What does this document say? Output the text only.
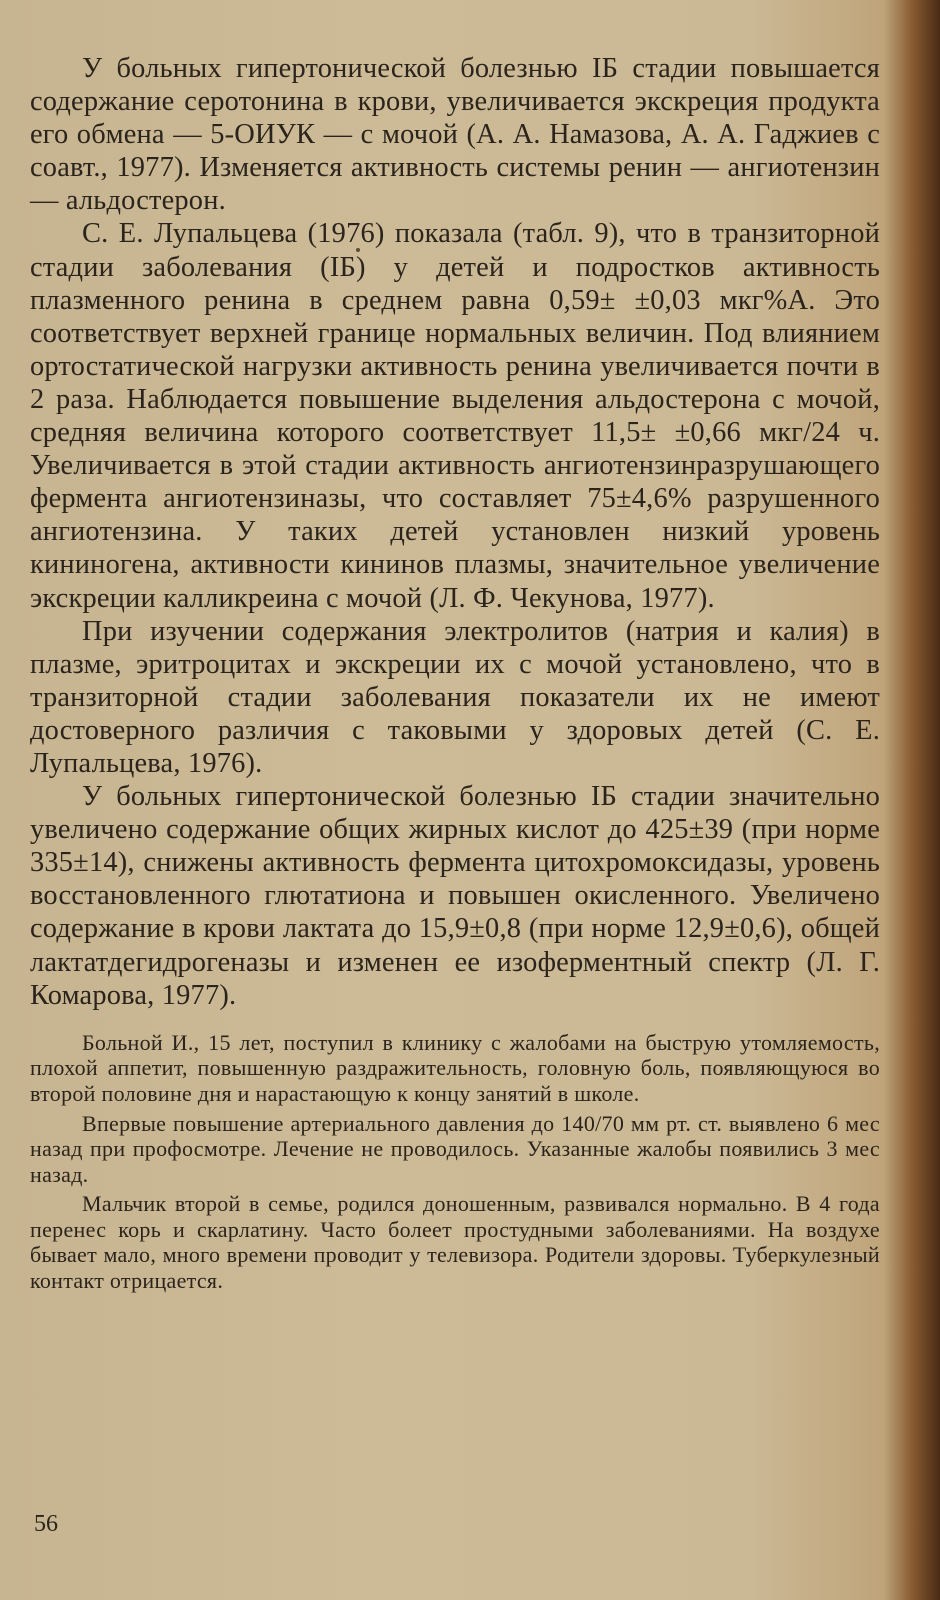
У больных гипертонической болезнью IБ стадии повышается содержание серотонина в крови, увеличивается экскреция продукта его обмена — 5-ОИУК — с мочой (А. А. Намазова, А. А. Гаджиев с соавт., 1977). Изменяется активность системы ренин — ангиотензин — альдостерон.

С. Е. Лупальцева (1976) показала (табл. 9), что в транзиторной стадии заболевания (IБ) у детей и подростков активность плазменного ренина в среднем равна 0,59± ±0,03 мкг%А. Это соответствует верхней границе нормальных величин. Под влиянием ортостатической нагрузки активность ренина увеличивается почти в 2 раза. Наблюдается повышение выделения альдостерона с мочой, средняя величина которого соответствует 11,5± ±0,66 мкг/24 ч. Увеличивается в этой стадии активность ангиотензинразрушающего фермента ангиотензиназы, что составляет 75±4,6% разрушенного ангиотензина. У таких детей установлен низкий уровень кининогена, активности кининов плазмы, значительное увеличение экскреции калликреина с мочой (Л. Ф. Чекунова, 1977).

При изучении содержания электролитов (натрия и калия) в плазме, эритроцитах и экскреции их с мочой установлено, что в транзиторной стадии заболевания показатели их не имеют достоверного различия с таковыми у здоровых детей (С. Е. Лупальцева, 1976).

У больных гипертонической болезнью IБ стадии значительно увеличено содержание общих жирных кислот до 425±39 (при норме 335±14), снижены активность фермента цитохромоксидазы, уровень восстановленного глютатиона и повышен окисленного. Увеличено содержание в крови лактата до 15,9±0,8 (при норме 12,9±0,6), общей лактатдегидрогеназы и изменен ее изоферментный спектр (Л. Г. Комарова, 1977).

Больной И., 15 лет, поступил в клинику с жалобами на быструю утомляемость, плохой аппетит, повышенную раздражительность, головную боль, появляющуюся во второй половине дня и нарастающую к концу занятий в школе.

Впервые повышение артериального давления до 140/70 мм рт. ст. выявлено 6 мес назад при профосмотре. Лечение не проводилось. Указанные жалобы появились 3 мес назад.

Мальчик второй в семье, родился доношенным, развивался нормально. В 4 года перенес корь и скарлатину. Часто болеет простудными заболеваниями. На воздухе бывает мало, много времени проводит у телевизора. Родители здоровы. Туберкулезный контакт отрицается.

56
